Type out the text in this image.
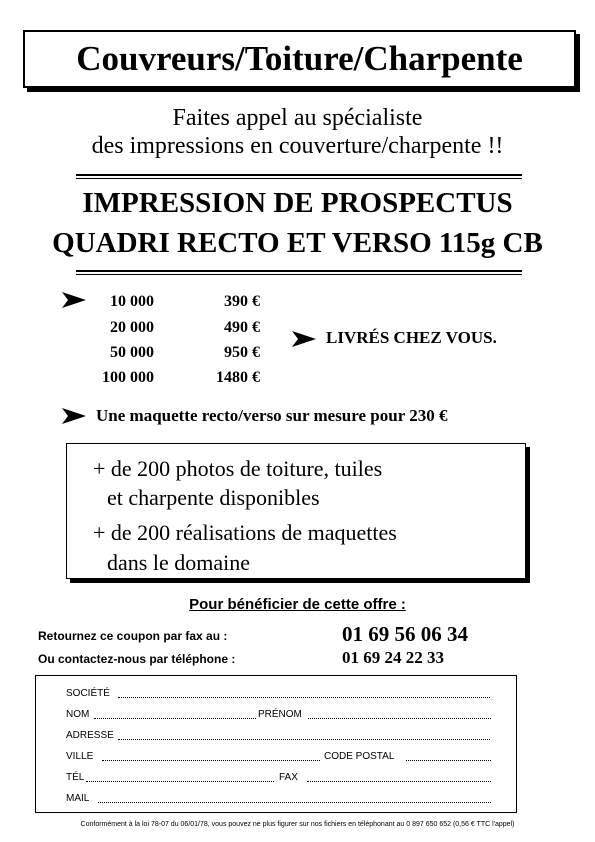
Couvreurs/Toiture/Charpente
Faites appel au spécialiste
des impressions en couverture/charpente !!
IMPRESSION DE PROSPECTUS
QUADRI RECTO ET VERSO 115g CB
10 000	390 €
20 000	490 €
50 000	950 €
100 000	1480 €
LIVRÉS CHEZ VOUS.
Une maquette recto/verso sur mesure pour 230 €
+ de 200 photos de toiture, tuiles
et charpente disponibles
+ de 200 réalisations de maquettes
dans le domaine
Pour bénéficier de cette offre :
Retournez ce coupon par fax au :	01 69 56 06 34
Ou contactez-nous par téléphone :	01 69 24 22 33
SOCIÉTÉ
NOM	PRÉNOM
ADRESSE
VILLE	CODE POSTAL
TÉL	FAX
MAIL
Conformément à la loi 78-07 du 06/01/78, vous pouvez ne plus figurer sur nos fichiers en téléphonant au 0 897 650 652 (0,56 € TTC l'appel)
